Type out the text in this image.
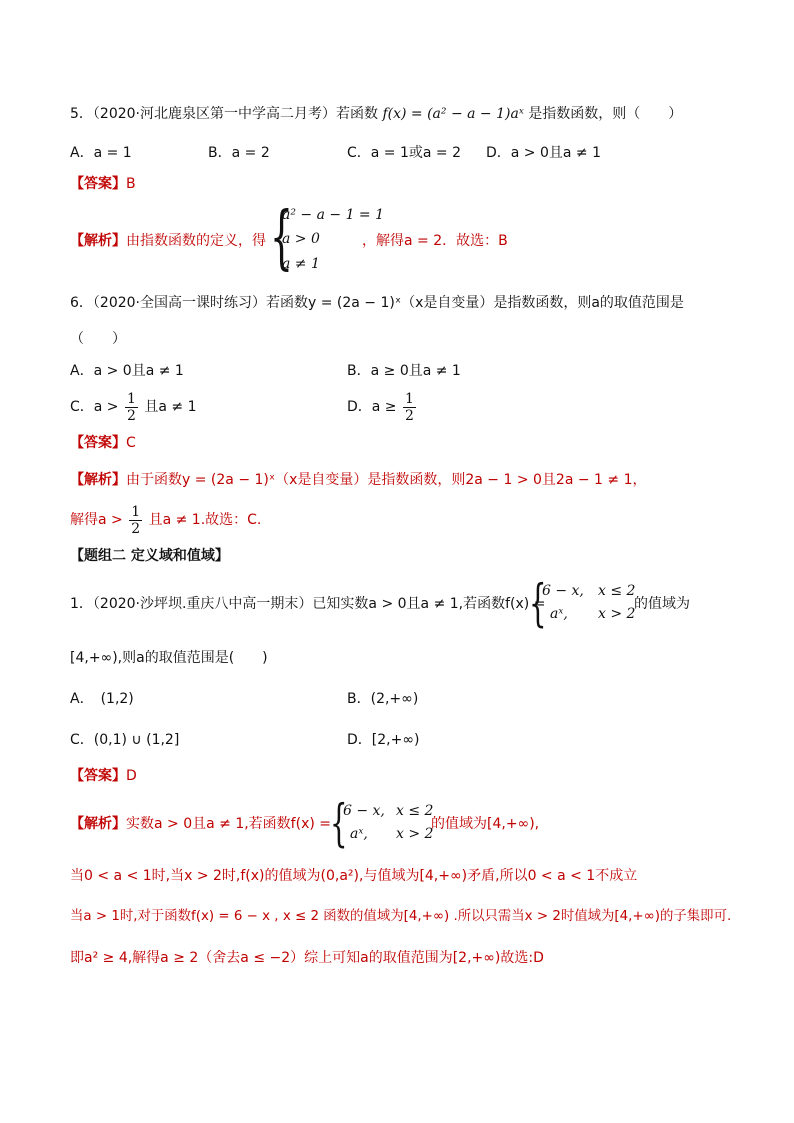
5．（2020·河北鹿泉区第一中学高二月考）若函数 f(x) = (a² − a − 1)aˣ 是指数函数，则（　　）
A．a = 1	B．a = 2	C．a = 1或a = 2 D．a > 0且a ≠ 1
【答案】B
【解析】由指数函数的定义，得 {
a² − a − 1 = 1
a > 0
a ≠ 1
，解得a = 2．故选：B
6．（2020·全国高一课时练习）若函数y = (2a − 1)ˣ（x是自变量）是指数函数，则a的取值范围是
（　　）
A．a > 0且a ≠ 1	B．a ≥ 0且a ≠ 1
C．$a > \frac{1}{2}$ 且a ≠ 1	D．$a \ge \frac{1}{2}$
【答案】C
【解析】由于函数y = (2a − 1)ˣ（x是自变量）是指数函数，则2a − 1 > 0且2a − 1 ≠ 1，
解得$a > \frac{1}{2}$ 且a ≠ 1.故选：C.
【题组二 定义域和值域】
1．（2020·沙坪坝.重庆八中高一期末）已知实数a > 0且a ≠ 1,若函数f(x) =
{
6 − x, x ≤ 2
aˣ, x > 2
的值域为
[4,+∞),则a的取值范围是(　　)
A．　(1,2)	B．(2,+∞)
C．(0,1) ∪ (1,2]	D．[2,+∞)
【答案】D
【解析】实数a > 0且a ≠ 1,若函数f(x) =
{
6 − x, x ≤ 2
aˣ, x > 2
的值域为[4,+∞),
当0 < a < 1时,当x > 2时,f(x)的值域为(0,a²),与值域为[4,+∞)矛盾,所以0 < a < 1不成立
当a > 1时,对于函数f(x) = 6 − x , x ≤ 2 函数的值域为[4,+∞) .所以只需当x > 2时值域为[4,+∞)的子集即可.
即a² ≥ 4,解得a ≥ 2（舍去a ≤ −2）综上可知a的取值范围为[2,+∞)故选:D
